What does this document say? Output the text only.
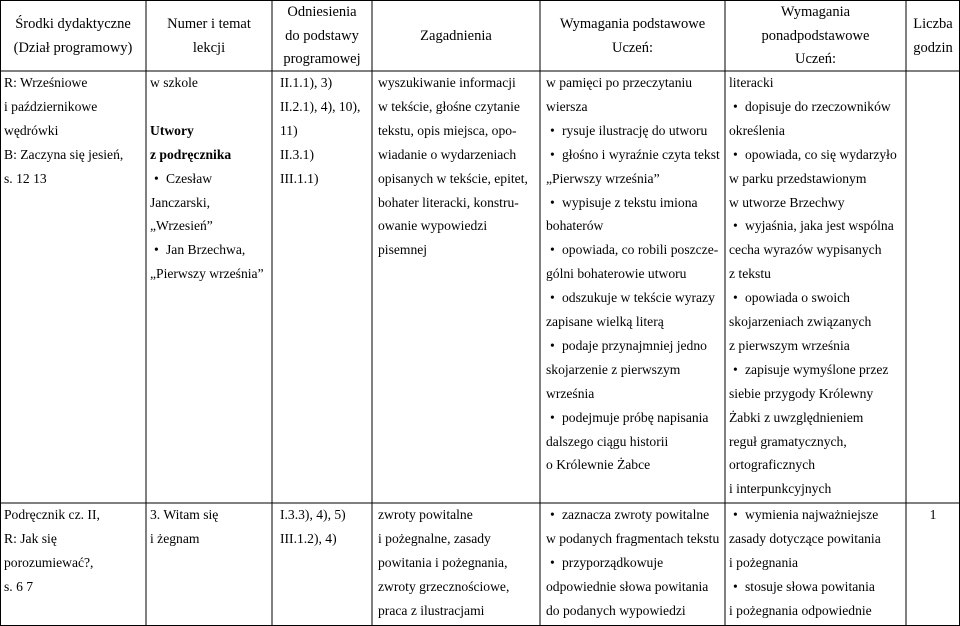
Środki dydaktyczne
(Dział programowy)
Numer i temat
lekcji
Odniesienia
do podstawy
programowej
Zagadnienia
Wymagania podstawowe
Uczeń:
Wymagania
ponadpodstawowe
Uczeń:
Liczba
godzin
R: Wrześniowe
i październikowe
wędrówki
B: Zaczyna się jesień,
s. 12 13
w szkole
Utwory
z podręcznika
• Czesław
Janczarski,
„Wrzesień”
• Jan Brzechwa,
„Pierwszy września”
II.1.1), 3)
II.2.1), 4), 10),
11)
II.3.1)
III.1.1)
wyszukiwanie informacji
w tekście, głośne czytanie
tekstu, opis miejsca, opo-
wiadanie o wydarzeniach
opisanych w tekście, epitet,
bohater literacki, konstru-
owanie wypowiedzi
pisemnej
w pamięci po przeczytaniu
wiersza
• rysuje ilustrację do utworu
• głośno i wyraźnie czyta tekst
„Pierwszy września”
• wypisuje z tekstu imiona
bohaterów
• opowiada, co robili poszcze-
gólni bohaterowie utworu
• odszukuje w tekście wyrazy
zapisane wielką literą
• podaje przynajmniej jedno
skojarzenie z pierwszym
września
• podejmuje próbę napisania
dalszego ciągu historii
o Królewnie Żabce
literacki
• dopisuje do rzeczowników
określenia
• opowiada, co się wydarzyło
w parku przedstawionym
w utworze Brzechwy
• wyjaśnia, jaka jest wspólna
cecha wyrazów wypisanych
z tekstu
• opowiada o swoich
skojarzeniach związanych
z pierwszym września
• zapisuje wymyślone przez
siebie przygody Królewny
Żabki z uwzględnieniem
reguł gramatycznych,
ortograficznych
i interpunkcyjnych
Podręcznik cz. II,
R: Jak się
porozumiewać?,
s. 6 7
3. Witam się
i żegnam
I.3.3), 4), 5)
III.1.2), 4)
zwroty powitalne
i pożegnalne, zasady
powitania i pożegnania,
zwroty grzecznościowe,
praca z ilustracjami
• zaznacza zwroty powitalne
w podanych fragmentach tekstu
• przyporządkowuje
odpowiednie słowa powitania
do podanych wypowiedzi
• wymienia najważniejsze
zasady dotyczące powitania
i pożegnania
• stosuje słowa powitania
i pożegnania odpowiednie
1
